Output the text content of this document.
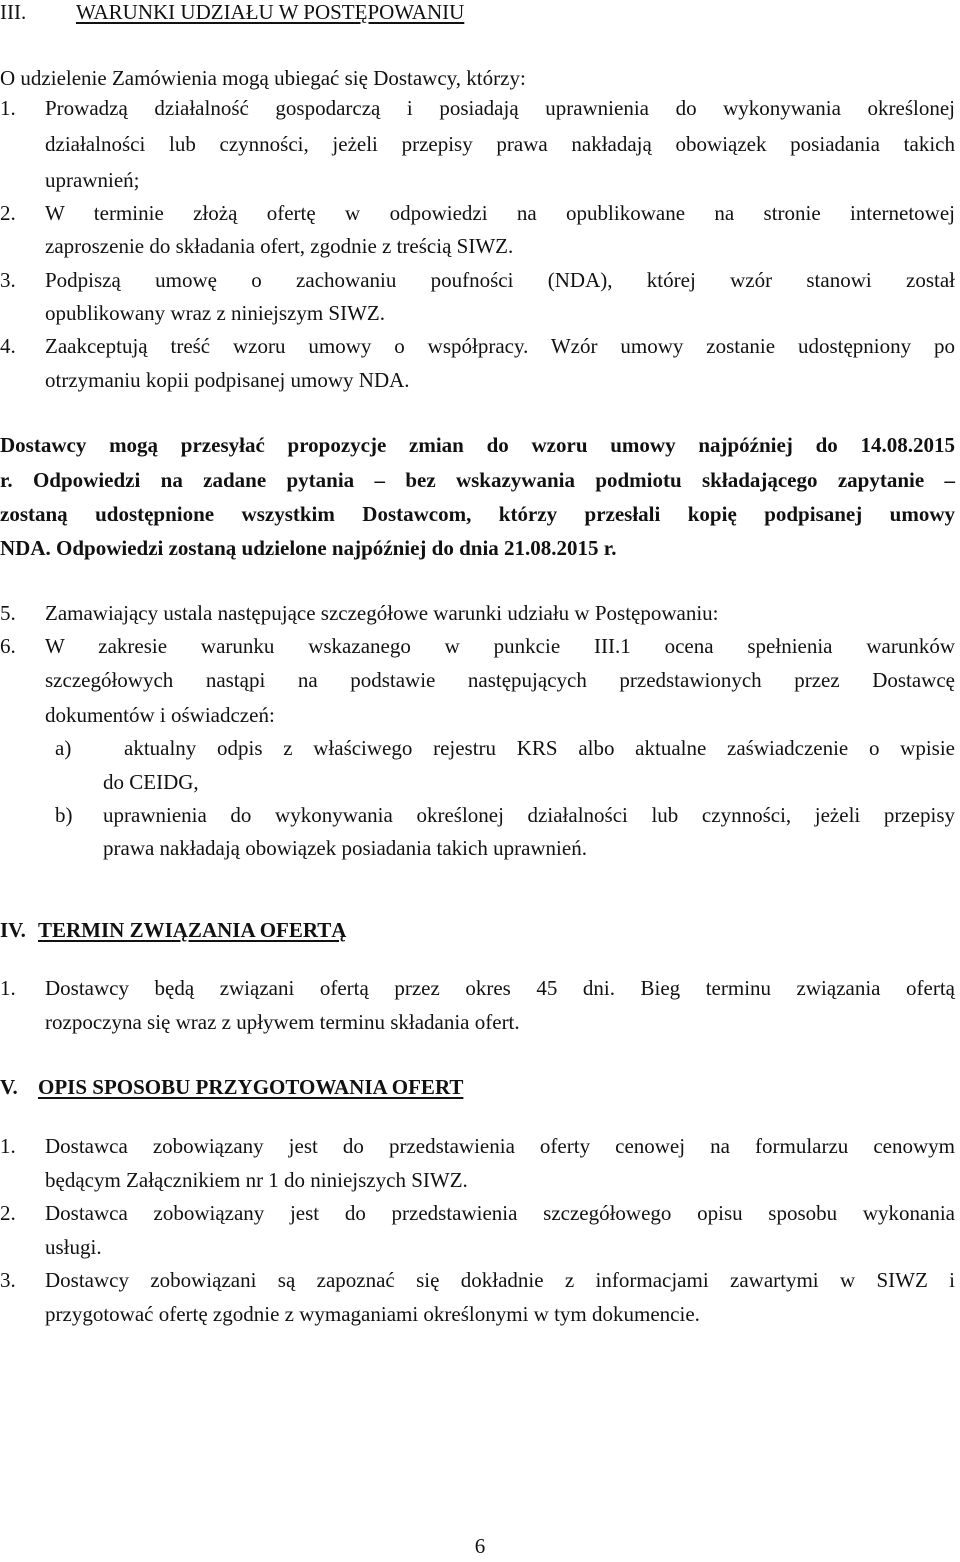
III. WARUNKI UDZIAŁU W POSTĘPOWANIU
O udzielenie Zamówienia mogą ubiegać się Dostawcy, którzy:
1. Prowadzą działalność gospodarczą i posiadają uprawnienia do wykonywania określonej
działalności lub czynności, jeżeli przepisy prawa nakładają obowiązek posiadania takich
uprawnień;
2. W terminie złożą ofertę w odpowiedzi na opublikowane na stronie internetowej
zaproszenie do składania ofert, zgodnie z treścią SIWZ.
3. Podpiszą umowę o zachowaniu poufności (NDA), której wzór stanowi został
opublikowany wraz z niniejszym SIWZ.
4. Zaakceptują treść wzoru umowy o współpracy. Wzór umowy zostanie udostępniony po
otrzymaniu kopii podpisanej umowy NDA.
Dostawcy mogą przesyłać propozycje zmian do wzoru umowy najpóźniej do 14.08.2015
r. Odpowiedzi na zadane pytania – bez wskazywania podmiotu składającego zapytanie –
zostaną udostępnione wszystkim Dostawcom, którzy przesłali kopię podpisanej umowy
NDA. Odpowiedzi zostaną udzielone najpóźniej do dnia 21.08.2015 r.
5. Zamawiający ustala następujące szczegółowe warunki udziału w Postępowaniu:
6. W zakresie warunku wskazanego w punkcie III.1 ocena spełnienia warunków
szczegółowych nastąpi na podstawie następujących przedstawionych przez Dostawcę
dokumentów i oświadczeń:
a)	aktualny odpis z właściwego rejestru KRS albo aktualne zaświadczenie o wpisie
do CEIDG,
b) uprawnienia do wykonywania określonej działalności lub czynności, jeżeli przepisy
prawa nakładają obowiązek posiadania takich uprawnień.
IV. TERMIN ZWIĄZANIA OFERTĄ
1. Dostawcy będą związani ofertą przez okres 45 dni. Bieg terminu związania ofertą
rozpoczyna się wraz z upływem terminu składania ofert.
V. OPIS SPOSOBU PRZYGOTOWANIA OFERT
1. Dostawca zobowiązany jest do przedstawienia oferty cenowej na formularzu cenowym
będącym Załącznikiem nr 1 do niniejszych SIWZ.
2. Dostawca zobowiązany jest do przedstawienia szczegółowego opisu sposobu wykonania
usługi.
3. Dostawcy zobowiązani są zapoznać się dokładnie z informacjami zawartymi w SIWZ i
przygotować ofertę zgodnie z wymaganiami określonymi w tym dokumencie.
6
